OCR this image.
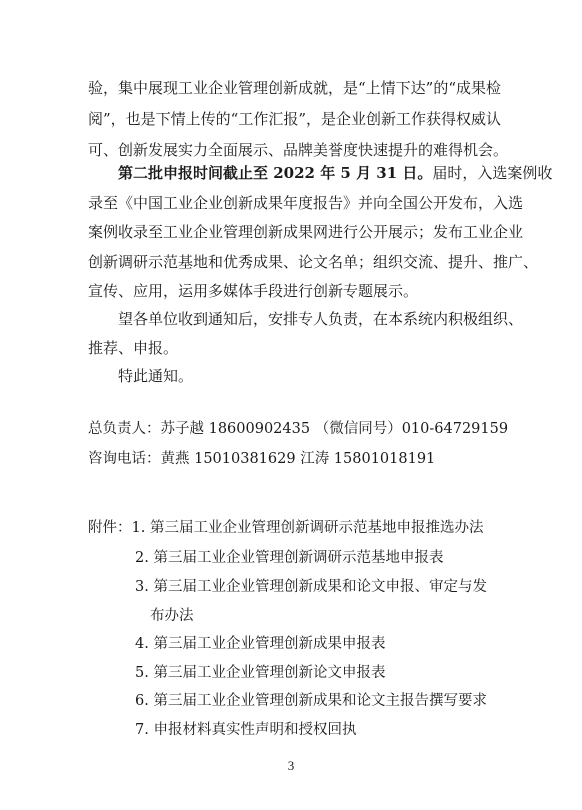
验，集中展现工业企业管理创新成就，是“上情下达”的“成果检
阅”，也是下情上传的“工作汇报”，是企业创新工作获得权威认
可、创新发展实力全面展示、品牌美誉度快速提升的难得机会。
第二批申报时间截止至 2022 年 5 月 31 日。届时，入选案例收
录至《中国工业企业创新成果年度报告》并向全国公开发布，入选
案例收录至工业企业管理创新成果网进行公开展示；发布工业企业
创新调研示范基地和优秀成果、论文名单；组织交流、提升、推广、
宣传、应用，运用多媒体手段进行创新专题展示。
望各单位收到通知后，安排专人负责，在本系统内积极组织、
推荐、申报。
特此通知。
总负责人：苏子越 18600902435 （微信同号）010-64729159
咨询电话：黄燕 15010381629 江涛 15801018191
附件：1. 第三届工业企业管理创新调研示范基地申报推选办法
2. 第三届工业企业管理创新调研示范基地申报表
3. 第三届工业企业管理创新成果和论文申报、审定与发
布办法
4. 第三届工业企业管理创新成果申报表
5. 第三届工业企业管理创新论文申报表
6. 第三届工业企业管理创新成果和论文主报告撰写要求
7. 申报材料真实性声明和授权回执
3
